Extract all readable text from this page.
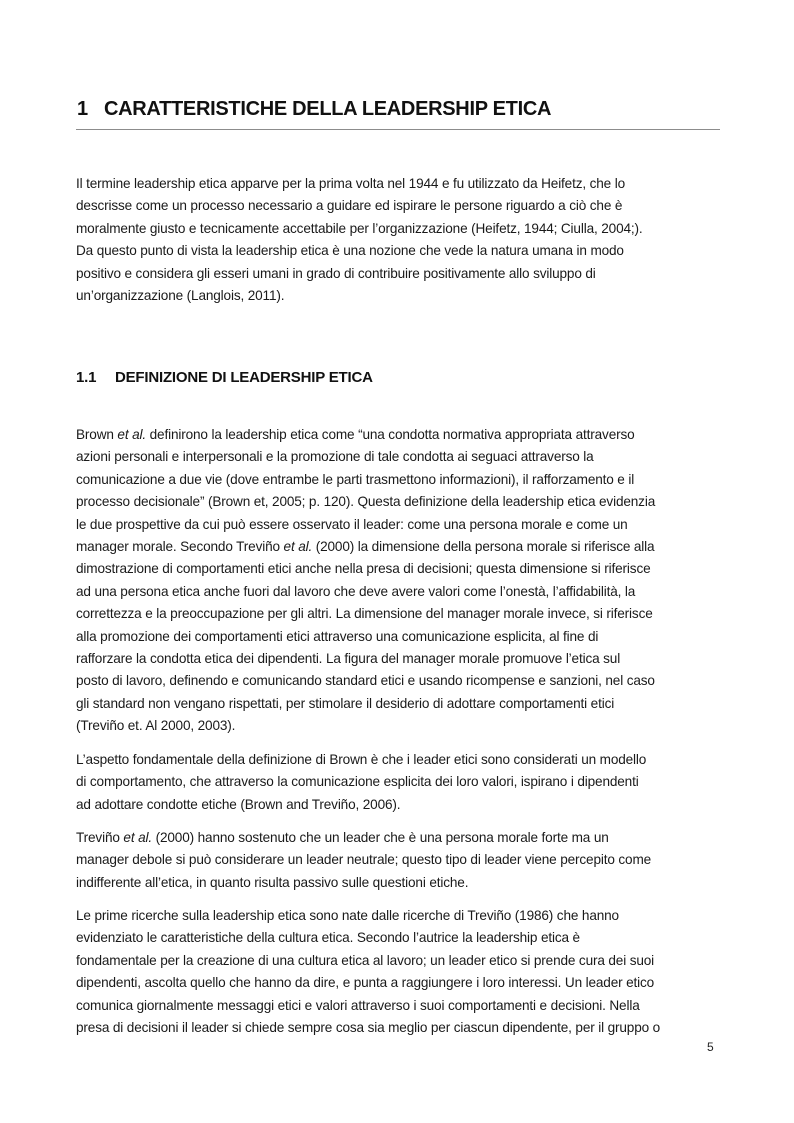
1 CARATTERISTICHE DELLA LEADERSHIP ETICA
Il termine leadership etica apparve per la prima volta nel 1944 e fu utilizzato da Heifetz, che lo
descrisse come un processo necessario a guidare ed ispirare le persone riguardo a ciò che è
moralmente giusto e tecnicamente accettabile per l’organizzazione (Heifetz, 1944; Ciulla, 2004;).
Da questo punto di vista la leadership etica è una nozione che vede la natura umana in modo
positivo e considera gli esseri umani in grado di contribuire positivamente allo sviluppo di
un’organizzazione (Langlois, 2011).
1.1 DEFINIZIONE DI LEADERSHIP ETICA
Brown et al. definirono la leadership etica come “una condotta normativa appropriata attraverso
azioni personali e interpersonali e la promozione di tale condotta ai seguaci attraverso la
comunicazione a due vie (dove entrambe le parti trasmettono informazioni), il rafforzamento e il
processo decisionale” (Brown et, 2005; p. 120). Questa definizione della leadership etica evidenzia
le due prospettive da cui può essere osservato il leader: come una persona morale e come un
manager morale. Secondo Treviño et al. (2000) la dimensione della persona morale si riferisce alla
dimostrazione di comportamenti etici anche nella presa di decisioni; questa dimensione si riferisce
ad una persona etica anche fuori dal lavoro che deve avere valori come l’onestà, l’affidabilità, la
correttezza e la preoccupazione per gli altri. La dimensione del manager morale invece, si riferisce
alla promozione dei comportamenti etici attraverso una comunicazione esplicita, al fine di
rafforzare la condotta etica dei dipendenti. La figura del manager morale promuove l’etica sul
posto di lavoro, definendo e comunicando standard etici e usando ricompense e sanzioni, nel caso
gli standard non vengano rispettati, per stimolare il desiderio di adottare comportamenti etici
(Treviño et. Al 2000, 2003).
L’aspetto fondamentale della definizione di Brown è che i leader etici sono considerati un modello
di comportamento, che attraverso la comunicazione esplicita dei loro valori, ispirano i dipendenti
ad adottare condotte etiche (Brown and Treviño, 2006).
Treviño et al. (2000) hanno sostenuto che un leader che è una persona morale forte ma un
manager debole si può considerare un leader neutrale; questo tipo di leader viene percepito come
indifferente all’etica, in quanto risulta passivo sulle questioni etiche.
Le prime ricerche sulla leadership etica sono nate dalle ricerche di Treviño (1986) che hanno
evidenziato le caratteristiche della cultura etica. Secondo l’autrice la leadership etica è
fondamentale per la creazione di una cultura etica al lavoro; un leader etico si prende cura dei suoi
dipendenti, ascolta quello che hanno da dire, e punta a raggiungere i loro interessi. Un leader etico
comunica giornalmente messaggi etici e valori attraverso i suoi comportamenti e decisioni. Nella
presa di decisioni il leader si chiede sempre cosa sia meglio per ciascun dipendente, per il gruppo o
5
